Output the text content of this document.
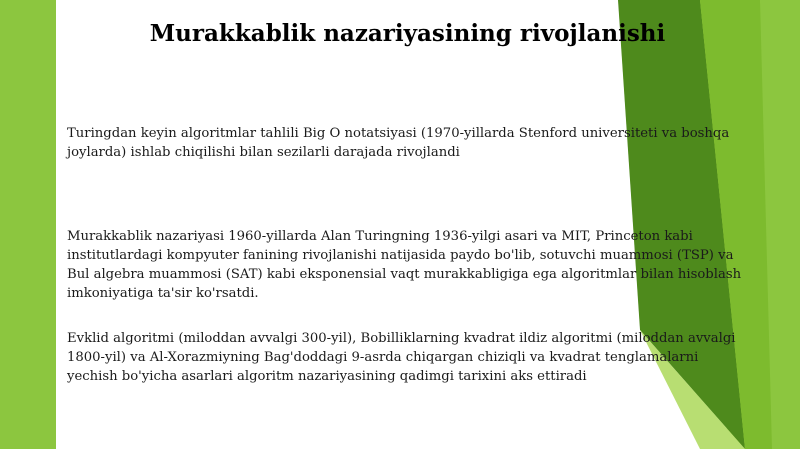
Murakkablik nazariyasining rivojlanishi

Turingdan keyin algoritmlar tahlili Big O notatsiyasi (1970-yillarda Stenford universiteti va boshqa joylarda) ishlab chiqilishi bilan sezilarli darajada rivojlandi

Murakkablik nazariyasi 1960-yillarda Alan Turingning 1936-yilgi asari va MIT, Princeton kabi institutlardagi kompyuter fanining rivojlanishi natijasida paydo bo'lib, sotuvchi muammosi (TSP) va Bul algebra muammosi (SAT) kabi eksponensial vaqt murakkabligiga ega algoritmlar bilan hisoblash imkoniyatiga ta'sir ko'rsatdi.

Evklid algoritmi (miloddan avvalgi 300-yil), Bobilliklarning kvadrat ildiz algoritmi (miloddan avvalgi 1800-yil) va Al-Xorazmiyning Bag'doddagi 9-asrda chiqargan chiziqli va kvadrat tenglamalarni yechish bo'yicha asarlari algoritm nazariyasining qadimgi tarixini aks ettiradi
